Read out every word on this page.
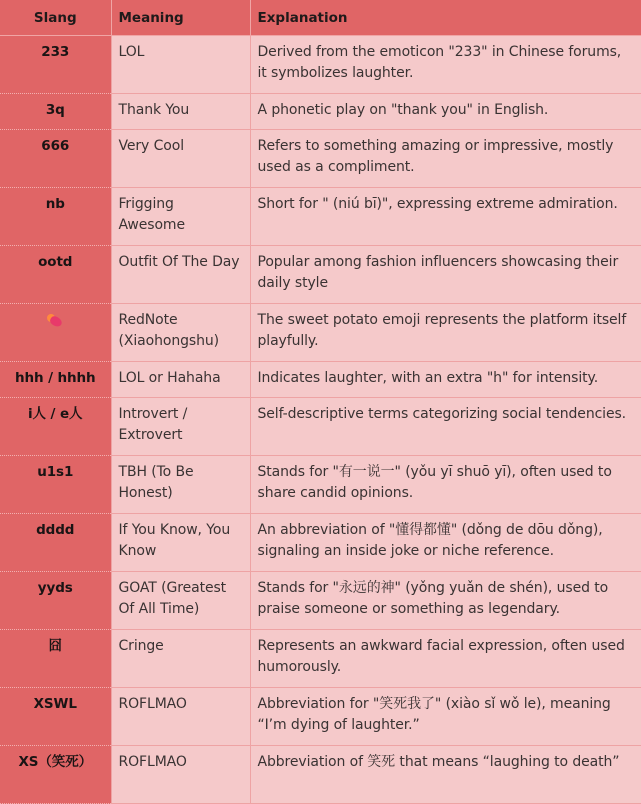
Slang	Meaning	Explanation
233	LOL	Derived from the emoticon "233" in Chinese forums, it symbolizes laughter.
3q	Thank You	A phonetic play on "thank you" in English.
666	Very Cool	Refers to something amazing or impressive, mostly used as a compliment.
nb	Frigging Awesome	Short for " (niú bī)", expressing extreme admiration.
ootd	Outfit Of The Day	Popular among fashion influencers showcasing their daily style

	RedNote (Xiaohongshu)	The sweet potato emoji represents the platform itself playfully.
hhh / hhhh	LOL or Hahaha	Indicates laughter, with an extra "h" for intensity.
i人 / e人	Introvert / Extrovert	Self-descriptive terms categorizing social tendencies.
u1s1	TBH (To Be Honest)	Stands for "有一说一" (yǒu yī shuō yī), often used to share candid opinions.
dddd	If You Know, You Know	An abbreviation of "懂得都懂" (dǒng de dōu dǒng), signaling an inside joke or niche reference.
yyds	GOAT (Greatest Of All Time)	Stands for "永远的神" (yǒng yuǎn de shén), used to praise someone or something as legendary.
囧	Cringe	Represents an awkward facial expression, often used humorously.
XSWL	ROFLMAO	Abbreviation for "笑死我了" (xiào sǐ wǒ le), meaning “I’m dying of laughter.”
XS（笑死）	ROFLMAO	Abbreviation of 笑死 that means “laughing to death”
